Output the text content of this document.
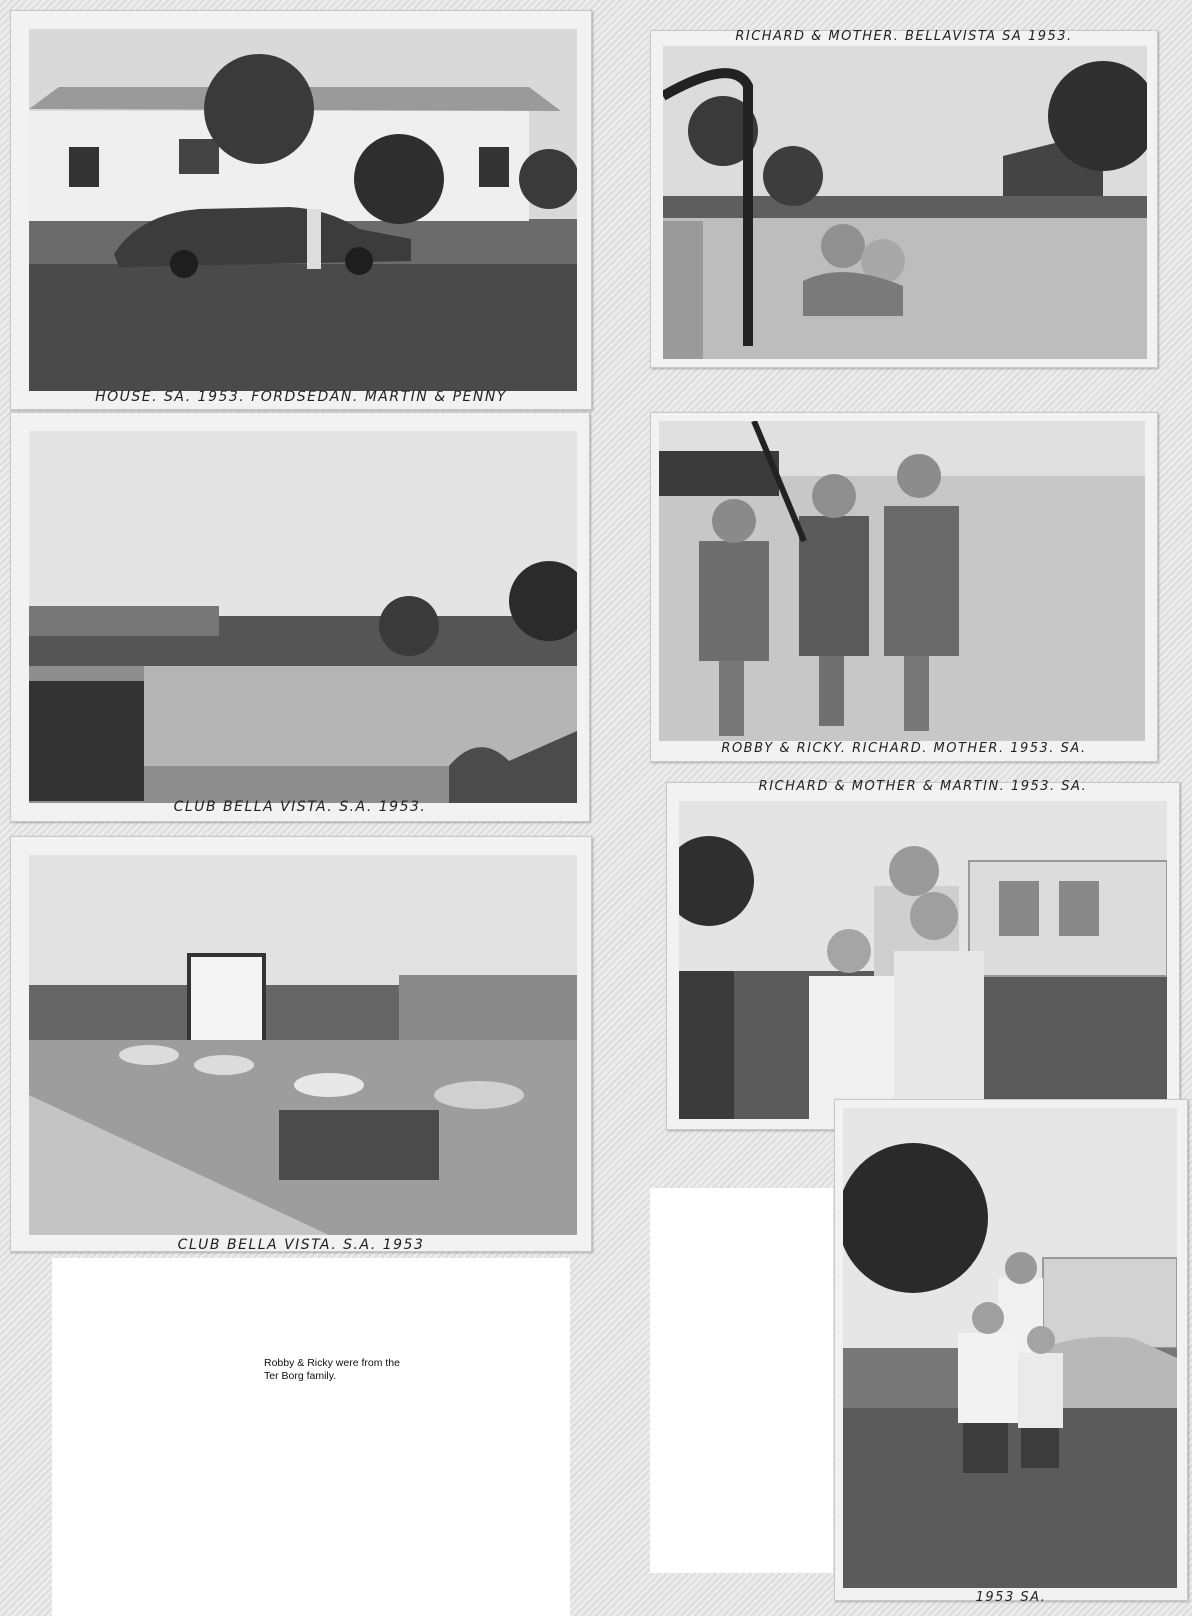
HOUSE. SA. 1953. FORDSEDAN. MARTIN & PENNY
RICHARD & MOTHER. BELLAVISTA SA 1953.
CLUB BELLA VISTA. S.A. 1953.
ROBBY & RICKY. RICHARD. MOTHER. 1953. SA.
CLUB BELLA VISTA. S.A. 1953
RICHARD & MOTHER & MARTIN. 1953. SA.
1953 SA.
Robby & Ricky were from the
Ter Borg family.
